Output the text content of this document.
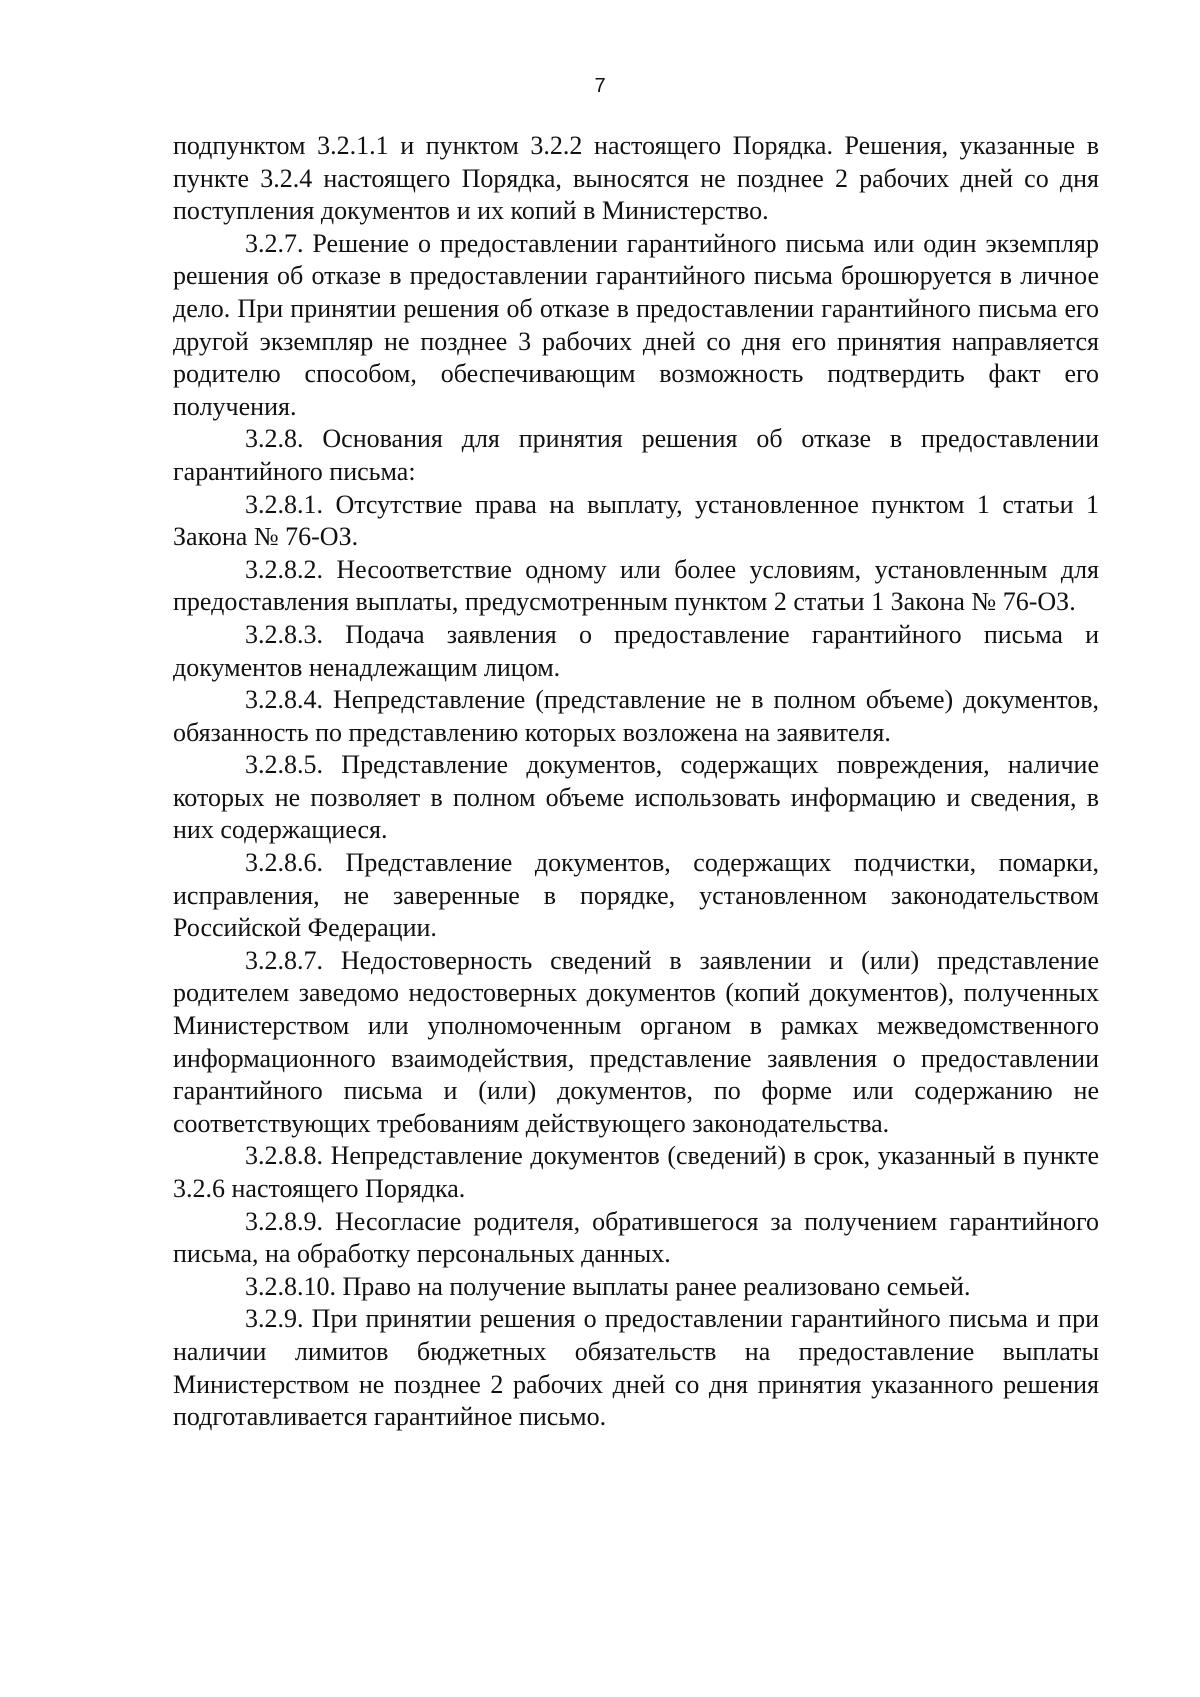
7

подпунктом 3.2.1.1 и пунктом 3.2.2 настоящего Порядка. Решения, указанные в пункте 3.2.4 настоящего Порядка, выносятся не позднее 2 рабочих дней со дня поступления документов и их копий в Министерство.

3.2.7. Решение о предоставлении гарантийного письма или один экземпляр решения об отказе в предоставлении гарантийного письма брошюруется в личное дело. При принятии решения об отказе в предоставлении гарантийного письма его другой экземпляр не позднее 3 рабочих дней со дня его принятия направляется родителю способом, обеспечивающим возможность подтвердить факт его получения.

3.2.8. Основания для принятия решения об отказе в предоставлении гарантийного письма:

3.2.8.1. Отсутствие права на выплату, установленное пунктом 1 статьи 1 Закона № 76-ОЗ.

3.2.8.2. Несоответствие одному или более условиям, установленным для предоставления выплаты, предусмотренным пунктом 2 статьи 1 Закона № 76-ОЗ.

3.2.8.3. Подача заявления о предоставление гарантийного письма и документов ненадлежащим лицом.

3.2.8.4. Непредставление (представление не в полном объеме) документов, обязанность по представлению которых возложена на заявителя.

3.2.8.5. Представление документов, содержащих повреждения, наличие которых не позволяет в полном объеме использовать информацию и сведения, в них содержащиеся.

3.2.8.6. Представление документов, содержащих подчистки, помарки, исправления, не заверенные в порядке, установленном законодательством Российской Федерации.

3.2.8.7. Недостоверность сведений в заявлении и (или) представление родителем заведомо недостоверных документов (копий документов), полученных Министерством или уполномоченным органом в рамках межведомственного информационного взаимодействия, представление заявления о предоставлении гарантийного письма и (или) документов, по форме или содержанию не соответствующих требованиям действующего законодательства.

3.2.8.8. Непредставление документов (сведений) в срок, указанный в пункте 3.2.6 настоящего Порядка.

3.2.8.9. Несогласие родителя, обратившегося за получением гарантийного письма, на обработку персональных данных.

3.2.8.10. Право на получение выплаты ранее реализовано семьей.

3.2.9. При принятии решения о предоставлении гарантийного письма и при наличии лимитов бюджетных обязательств на предоставление выплаты Министерством не позднее 2 рабочих дней со дня принятия указанного решения подготавливается гарантийное письмо.
